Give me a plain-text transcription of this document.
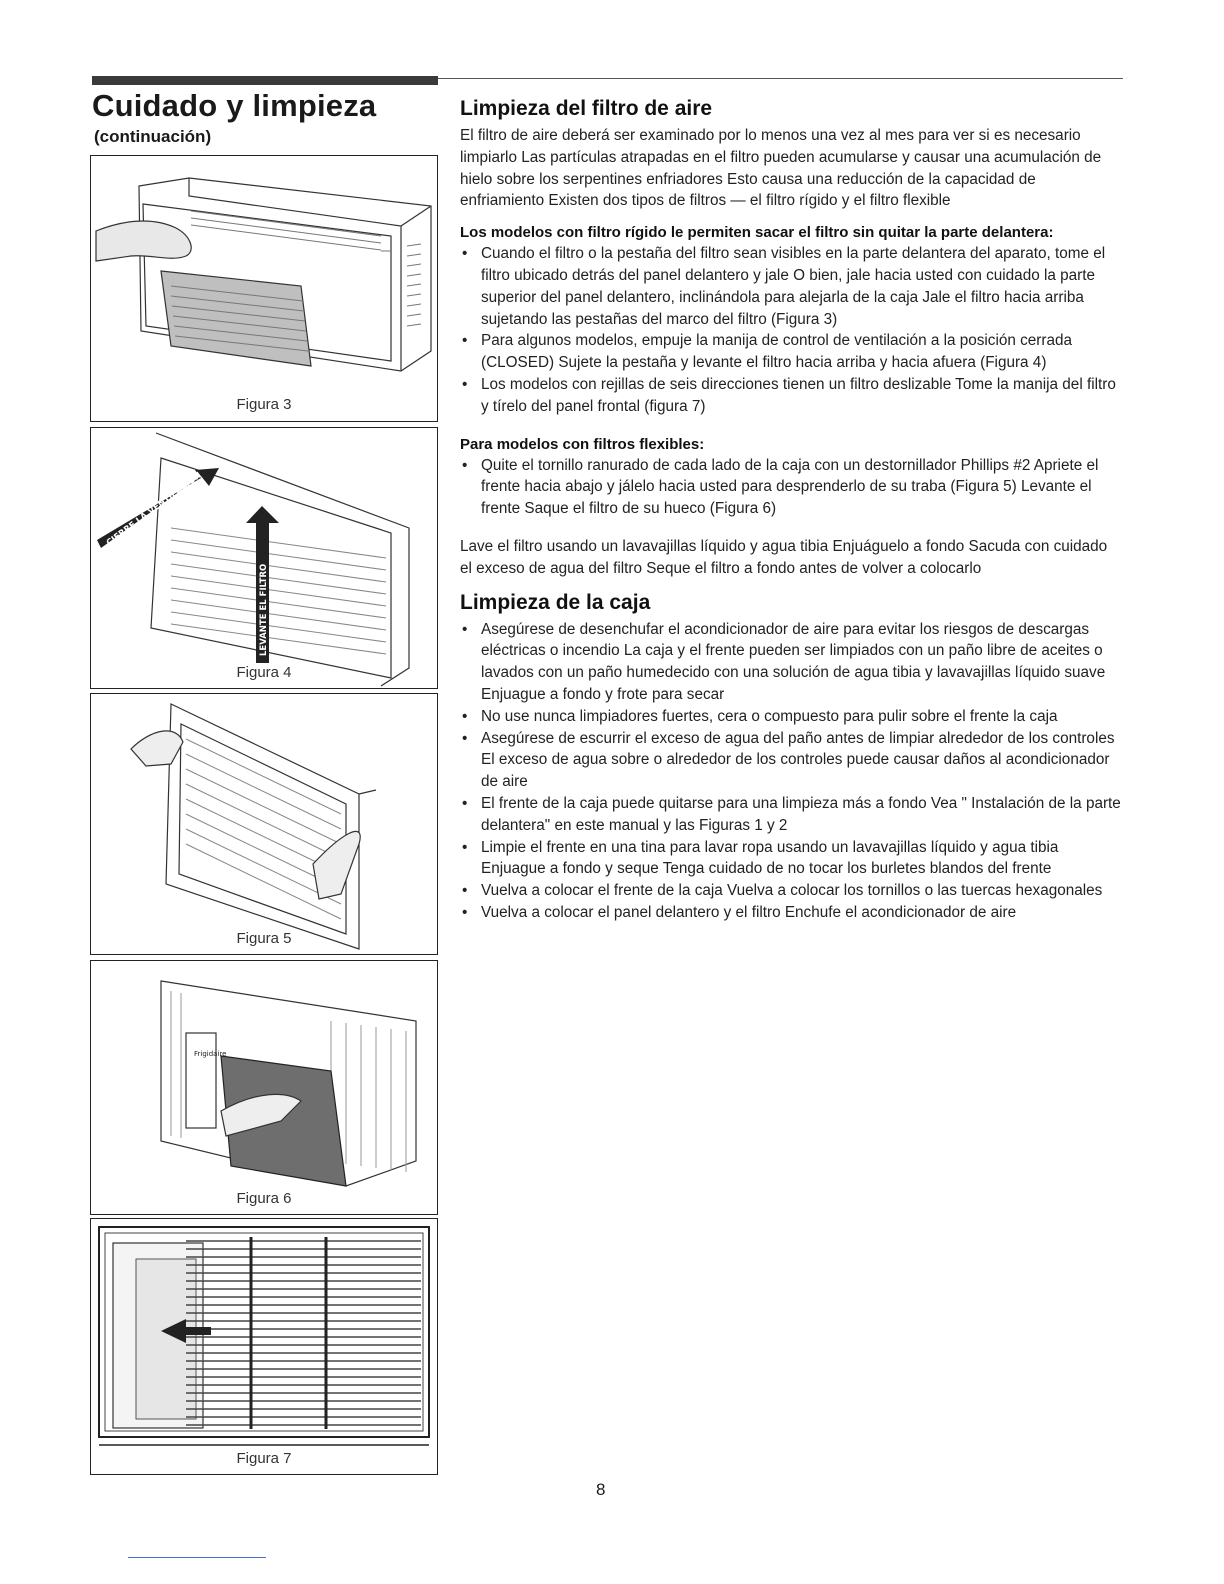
Cuidado y limpieza
(continuación)
Figura 3
CIERRE LA VENTILACION
LEVANTE EL FILTRO
Figura 4
Figura 5
Frigidaire
Figura 6
Figura 7
Limpieza del filtro de aire

El filtro de aire deberá ser examinado por lo menos una vez al mes para ver si es necesario limpiarlo Las partículas atrapadas en el filtro pueden acumularse y causar una acumulación de hielo sobre los serpentines enfriadores Esto causa una reducción de la capacidad de enfriamiento Existen dos tipos de filtros — el filtro rígido y el filtro flexible

Los modelos con filtro rígido le permiten sacar el filtro sin quitar la parte delantera:
• Cuando el filtro o la pestaña del filtro sean visibles en la parte delantera del aparato, tome el filtro ubicado detrás del panel delantero y jale O bien, jale hacia usted con cuidado la parte superior del panel delantero, inclinándola para alejarla de la caja Jale el filtro hacia arriba sujetando las pestañas del marco del filtro (Figura 3)
• Para algunos modelos, empuje la manija de control de ventilación a la posición cerrada (CLOSED) Sujete la pestaña y levante el filtro hacia arriba y hacia afuera (Figura 4)
• Los modelos con rejillas de seis direcciones tienen un filtro deslizable Tome la manija del filtro y tírelo del panel frontal (figura 7)
Para modelos con filtros flexibles:
• Quite el tornillo ranurado de cada lado de la caja con un destornillador Phillips #2 Apriete el frente hacia abajo y jálelo hacia usted para desprenderlo de su traba (Figura 5) Levante el frente Saque el filtro de su hueco (Figura 6)

Lave el filtro usando un lavavajillas líquido y agua tibia Enjuáguelo a fondo Sacuda con cuidado el exceso de agua del filtro Seque el filtro a fondo antes de volver a colocarlo

Limpieza de la caja
• Asegúrese de desenchufar el acondicionador de aire para evitar los riesgos de descargas eléctricas o incendio La caja y el frente pueden ser limpiados con un paño libre de aceites o lavados con un paño humedecido con una solución de agua tibia y lavavajillas líquido suave Enjuague a fondo y frote para secar
• No use nunca limpiadores fuertes, cera o compuesto para pulir sobre el frente la caja
• Asegúrese de escurrir el exceso de agua del paño antes de limpiar alrededor de los controles El exceso de agua sobre o alrededor de los controles puede causar daños al acondicionador de aire
• El frente de la caja puede quitarse para una limpieza más a fondo Vea " Instalación de la parte delantera" en este manual y las Figuras 1 y 2
• Limpie el frente en una tina para lavar ropa usando un lavavajillas líquido y agua tibia Enjuague a fondo y seque Tenga cuidado de no tocar los burletes blandos del frente
• Vuelva a colocar el frente de la caja Vuelva a colocar los tornillos o las tuercas hexagonales
• Vuelva a colocar el panel delantero y el filtro Enchufe el acondicionador de aire
8
